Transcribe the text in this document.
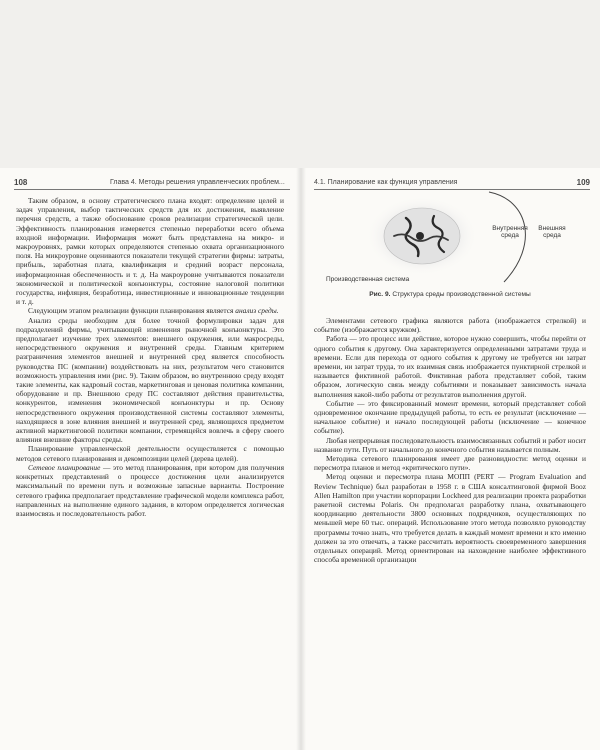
108	Глава 4. Методы решения управленческих проблем...

Таким образом, в основу стратегического плана входят: определение целей и задач управления, выбор тактических средств для их достижения, выявление перечня средств, а также обоснование сроков реализации стратегической цели. Эффективность планирования измеряется степенью переработки всего объема входной информации. Информация может быть представлена на микро- и макроуровнях, рамки которых определяются степенью охвата организационного поля. На микроуровне оцениваются показатели текущей стратегии фирмы: затраты, прибыль, заработная плата, квалификация и средний возраст персонала, информационная обеспеченность и т. д. На макроуровне учитываются показатели экономической и политической конъюнктуры, состояние налоговой политики государства, инфляция, безработица, инвестиционные и инновационные тенденции и т. д.

Следующим этапом реализации функции планирования является анализ среды.

Анализ среды необходим для более точной формулировки задач для подразделений фирмы, учитывающей изменения рыночной конъюнктуры. Это предполагает изучение трех элементов: внешнего окружения, или макросреды, непосредственного окружения и внутренней среды. Главным критерием разграничения элементов внешней и внутренней сред является способность руководства ПС (компании) воздействовать на них, результатом чего становится возможность управления ими (рис. 9). Таким образом, во внутреннюю среду входят такие элементы, как кадровый состав, маркетинговая и ценовая политика компании, оборудование и пр. Внешнюю среду ПС составляют действия правительства, конкурентов, изменения экономической конъюнктуры и пр. Основу непосредственного окружения производственной системы составляют элементы, находящиеся в зоне влияния внешней и внутренней сред, являющихся предметом активной маркетинговой политики компании, стремящейся вовлечь в сферу своего влияния внешние факторы среды.

Планирование управленческой деятельности осуществляется с помощью методов сетевого планирования и декомпозиции целей (дерева целей).

Сетевое планирование — это метод планирования, при котором для получения конкретных представлений о процессе достижения цели анализируется максимальный по времени путь и возможные запасные варианты. Построение сетевого графика предполагает представление графической модели комплекса работ, направленных на выполнение единого задания, в котором определяется логическая взаимосвязь и последовательность работ.

4.1. Планирование как функция управления	109
Внутренняя среда
Внешняя среда
Производственная система
Рис. 9. Структура среды производственной системы

Элементами сетевого графика являются работа (изображается стрелкой) и событие (изображается кружком).

Работа — это процесс или действие, которое нужно совершить, чтобы перейти от одного события к другому. Она характеризуется определенными затратами труда и времени. Если для перехода от одного события к другому не требуется ни затрат времени, ни затрат труда, то их взаимная связь изображается пунктирной стрелкой и называется фиктивной работой. Фиктивная работа представляет собой, таким образом, логическую связь между событиями и показывает зависимость начала выполнения какой-либо работы от результатов выполнения другой.

Событие — это фиксированный момент времени, который представляет собой одновременное окончание предыдущей работы, то есть ее результат (исключение — начальное событие) и начало последующей работы (исключение — конечное событие).

Любая непрерывная последовательность взаимосвязанных событий и работ носит название пути. Путь от начального до конечного события называется полным.

Методика сетевого планирования имеет две разновидности: метод оценки и пересмотра планов и метод «критического пути».

Метод оценки и пересмотра плана МОПП (PERT — Program Evaluation and Review Technique) был разработан в 1958 г. в США консалтинговой фирмой Booz Allen Hamilton при участии корпорации Lockheed для реализации проекта разработки ракетной системы Polaris. Он предполагал разработку плана, охватывающего координацию деятельности 3800 основных подрядчиков, осуществляющих по меньшей мере 60 тыс. операций. Использование этого метода позволяло руководству программы точно знать, что требуется делать в каждый момент времени и кто именно должен за это отвечать, а также рассчитать вероятность своевременного завершения отдельных операций. Метод ориентирован на нахождение наиболее эффективного способа временной организации
